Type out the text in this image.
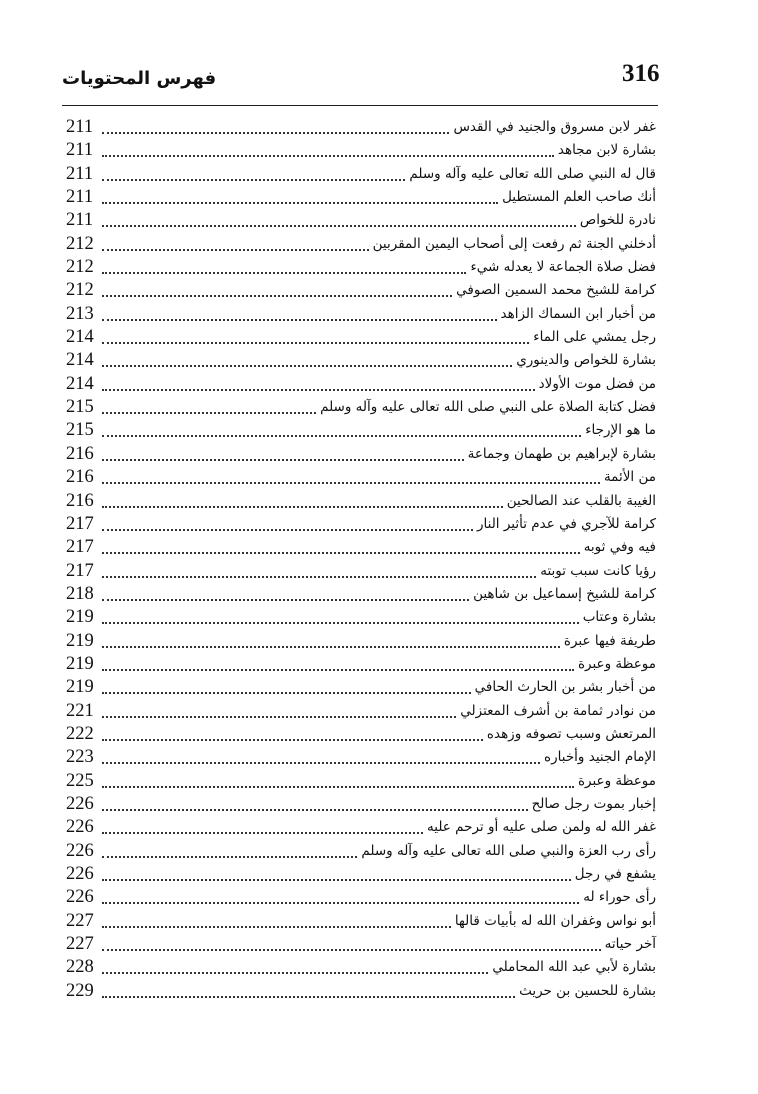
فهرس المحتويات	316
211	غفر لابن مسروق والجنيد في القدس
211	بشارة لابن مجاهد
211	قال له النبي صلى الله تعالى عليه وآله وسلم
211	أنك صاحب العلم المستطيل
211	نادرة للخواص
212	أدخلني الجنة ثم رفعت إلى أصحاب اليمين المقربين
212	فضل صلاة الجماعة لا يعدله شيء
212	كرامة للشيخ محمد السمين الصوفي
213	من أخبار ابن السماك الزاهد
214	رجل يمشي على الماء
214	بشارة للخواص والدينوري
214	من فضل موت الأولاد
215	فضل كتابة الصلاة على النبي صلى الله تعالى عليه وآله وسلم
215	ما هو الإرجاء
216	بشارة لإبراهيم بن طهمان وجماعة
216	من الأئمة
216	الغيبة بالقلب عند الصالحين
217	كرامة للآجري في عدم تأثير النار
217	فيه وفي ثوبه
217	رؤيا كانت سبب توبته
218	كرامة للشيخ إسماعيل بن شاهين
219	بشارة وعتاب
219	طريفة فيها عبرة
219	موعظة وعبرة
219	من أخبار بشر بن الحارث الحافي
221	من نوادر ثمامة بن أشرف المعتزلي
222	المرتعش وسبب تصوفه وزهده
223	الإمام الجنيد وأخباره
225	موعظة وعبرة
226	إخبار بموت رجل صالح
226	غفر الله له ولمن صلى عليه أو ترحم عليه
226	رأى رب العزة والنبي صلى الله تعالى عليه وآله وسلم
226	يشفع في رجل
226	رأى حوراء له
227	أبو نواس وغفران الله له بأبيات قالها
227	آخر حياته
228	بشارة لأبي عبد الله المحاملي
229	بشارة للحسين بن حريث
